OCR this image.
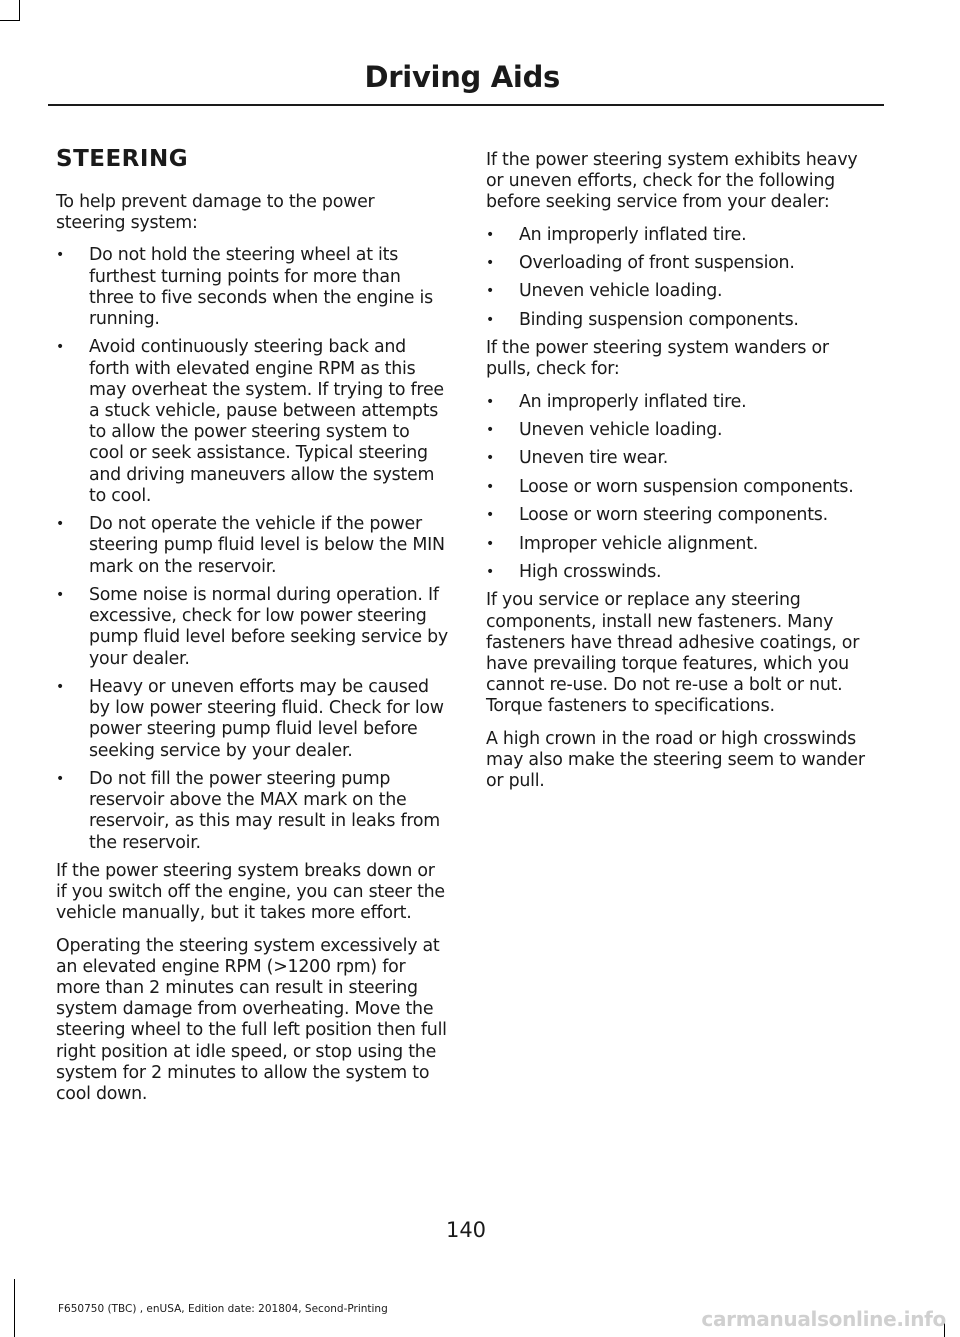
Driving Aids
STEERING

To help prevent damage to the power steering system:

•	Do not hold the steering wheel at its furthest turning points for more than three to five seconds when the engine is running.
•	Avoid continuously steering back and forth with elevated engine RPM as this may overheat the system. If trying to free a stuck vehicle, pause between attempts to allow the power steering system to cool or seek assistance. Typical steering and driving maneuvers allow the system to cool.
•	Do not operate the vehicle if the power steering pump fluid level is below the MIN mark on the reservoir.
•	Some noise is normal during operation. If excessive, check for low power steering pump fluid level before seeking service by your dealer.
•	Heavy or uneven efforts may be caused by low power steering fluid. Check for low power steering pump fluid level before seeking service by your dealer.
•	Do not fill the power steering pump reservoir above the MAX mark on the reservoir, as this may result in leaks from the reservoir.

If the power steering system breaks down or if you switch off the engine, you can steer the vehicle manually, but it takes more effort.

Operating the steering system excessively at an elevated engine RPM (>1200 rpm) for more than 2 minutes can result in steering system damage from overheating. Move the steering wheel to the full left position then full right position at idle speed, or stop using the system for 2 minutes to allow the system to cool down.

If the power steering system exhibits heavy or uneven efforts, check for the following before seeking service from your dealer:

•	An improperly inflated tire.
•	Overloading of front suspension.
•	Uneven vehicle loading.
•	Binding suspension components.

If the power steering system wanders or pulls, check for:

•	An improperly inflated tire.
•	Uneven vehicle loading.
•	Uneven tire wear.
•	Loose or worn suspension components.
•	Loose or worn steering components.
•	Improper vehicle alignment.
•	High crosswinds.

If you service or replace any steering components, install new fasteners. Many fasteners have thread adhesive coatings, or have prevailing torque features, which you cannot re-use. Do not re-use a bolt or nut. Torque fasteners to specifications.

A high crown in the road or high crosswinds may also make the steering seem to wander or pull.

140
F650750 (TBC) , enUSA, Edition date: 201804, Second-Printing	carmanualsonline.info
